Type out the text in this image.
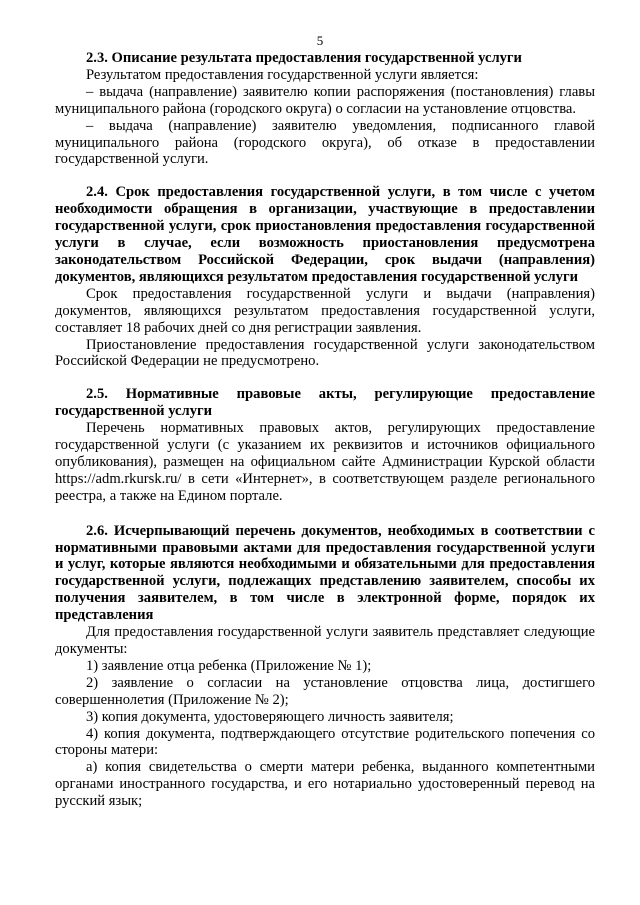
5

2.3. Описание результата предоставления государственной услуги

Результатом предоставления государственной услуги является:

– выдача (направление) заявителю копии распоряжения (постановления) главы муниципального района (городского округа) о согласии на установление отцовства.

– выдача (направление) заявителю уведомления, подписанного главой муниципального района (городского округа), об отказе в предоставлении государственной услуги.

2.4. Срок предоставления государственной услуги, в том числе с учетом необходимости обращения в организации, участвующие в предоставлении государственной услуги, срок приостановления предоставления государственной услуги в случае, если возможность приостановления предусмотрена законодательством Российской Федерации, срок выдачи (направления) документов, являющихся результатом предоставления государственной услуги

Срок предоставления государственной услуги и выдачи (направления) документов, являющихся результатом предоставления государственной услуги, составляет 18 рабочих дней со дня регистрации заявления.

Приостановление предоставления государственной услуги законодательством Российской Федерации не предусмотрено.

2.5. Нормативные правовые акты, регулирующие предоставление государственной услуги

Перечень нормативных правовых актов, регулирующих предоставление государственной услуги (с указанием их реквизитов и источников официального опубликования), размещен на официальном сайте Администрации Курской области https://adm.rkursk.ru/ в сети «Интернет», в соответствующем разделе регионального реестра, а также на Едином портале.

2.6. Исчерпывающий перечень документов, необходимых в соответствии с нормативными правовыми актами для предоставления государственной услуги и услуг, которые являются необходимыми и обязательными для предоставления государственной услуги, подлежащих представлению заявителем, способы их получения заявителем, в том числе в электронной форме, порядок их представления

Для предоставления государственной услуги заявитель представляет следующие документы:

1) заявление отца ребенка (Приложение № 1);

2) заявление о согласии на установление отцовства лица, достигшего совершеннолетия (Приложение № 2);

3) копия документа, удостоверяющего личность заявителя;

4) копия документа, подтверждающего отсутствие родительского попечения со стороны матери:

а) копия свидетельства о смерти матери ребенка, выданного компетентными органами иностранного государства, и его нотариально удостоверенный перевод на русский язык;
